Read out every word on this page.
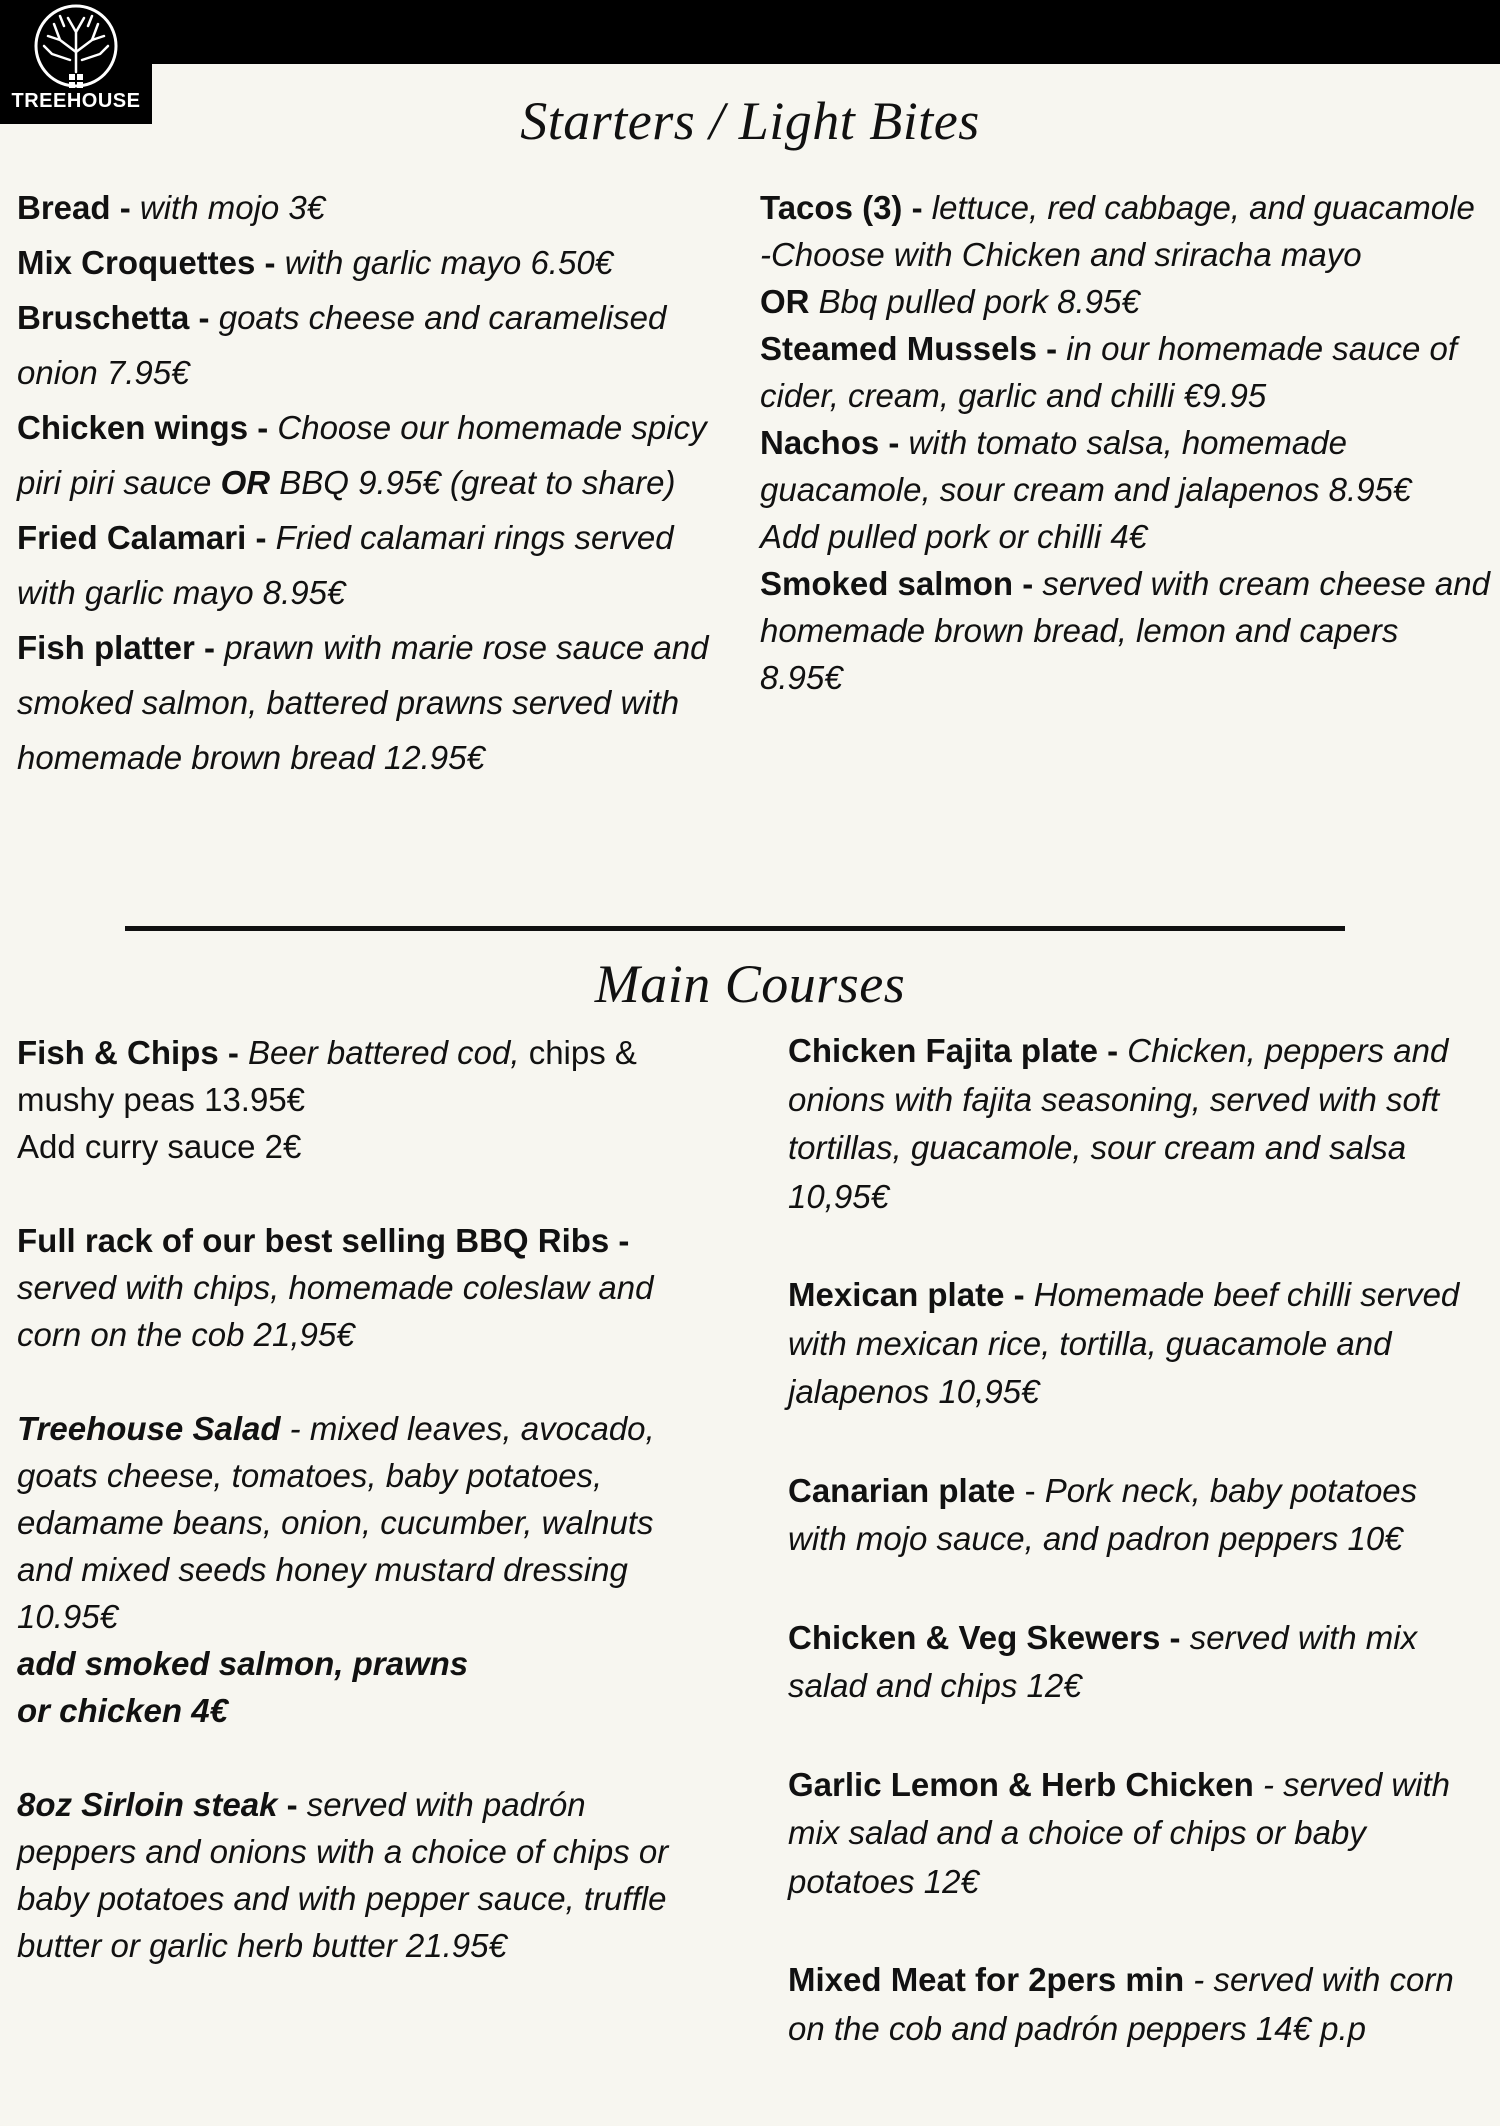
TREEHOUSE	Starters / Light Bites

Bread - with mojo 3€

Mix Croquettes - with garlic mayo 6.50€

Bruschetta - goats cheese and caramelised onion 7.95€

Chicken wings - Choose our homemade spicy piri piri sauce OR BBQ 9.95€ (great to share)

Fried Calamari - Fried calamari rings served with garlic mayo 8.95€

Fish platter - prawn with marie rose sauce and smoked salmon, battered prawns served with homemade brown bread 12.95€

Tacos (3) - lettuce, red cabbage, and guacamole

-Choose with Chicken and sriracha mayo

OR Bbq pulled pork 8.95€

Steamed Mussels - in our homemade sauce of cider, cream, garlic and chilli €9.95

Nachos - with tomato salsa, homemade guacamole, sour cream and jalapenos 8.95€

Add pulled pork or chilli 4€

Smoked salmon - served with cream cheese and homemade brown bread, lemon and capers 8.95€

Main Courses

Fish & Chips - Beer battered cod, chips & mushy peas 13.95€

Add curry sauce 2€

Full rack of our best selling BBQ Ribs - served with chips, homemade coleslaw and corn on the cob 21,95€

Treehouse Salad - mixed leaves, avocado, goats cheese, tomatoes, baby potatoes, edamame beans, onion, cucumber, walnuts and mixed seeds honey mustard dressing 10.95€

add smoked salmon, prawns

or chicken 4€

8oz Sirloin steak - served with padrón peppers and onions with a choice of chips or baby potatoes and with pepper sauce, truffle butter or garlic herb butter 21.95€

Chicken Fajita plate - Chicken, peppers and onions with fajita seasoning, served with soft tortillas, guacamole, sour cream and salsa 10,95€

Mexican plate - Homemade beef chilli served with mexican rice, tortilla, guacamole and jalapenos 10,95€

Canarian plate - Pork neck, baby potatoes with mojo sauce, and padron peppers 10€

Chicken & Veg Skewers - served with mix salad and chips 12€

Garlic Lemon & Herb Chicken - served with mix salad and a choice of chips or baby potatoes 12€

Mixed Meat for 2pers min - served with corn on the cob and padrón peppers 14€ p.p
